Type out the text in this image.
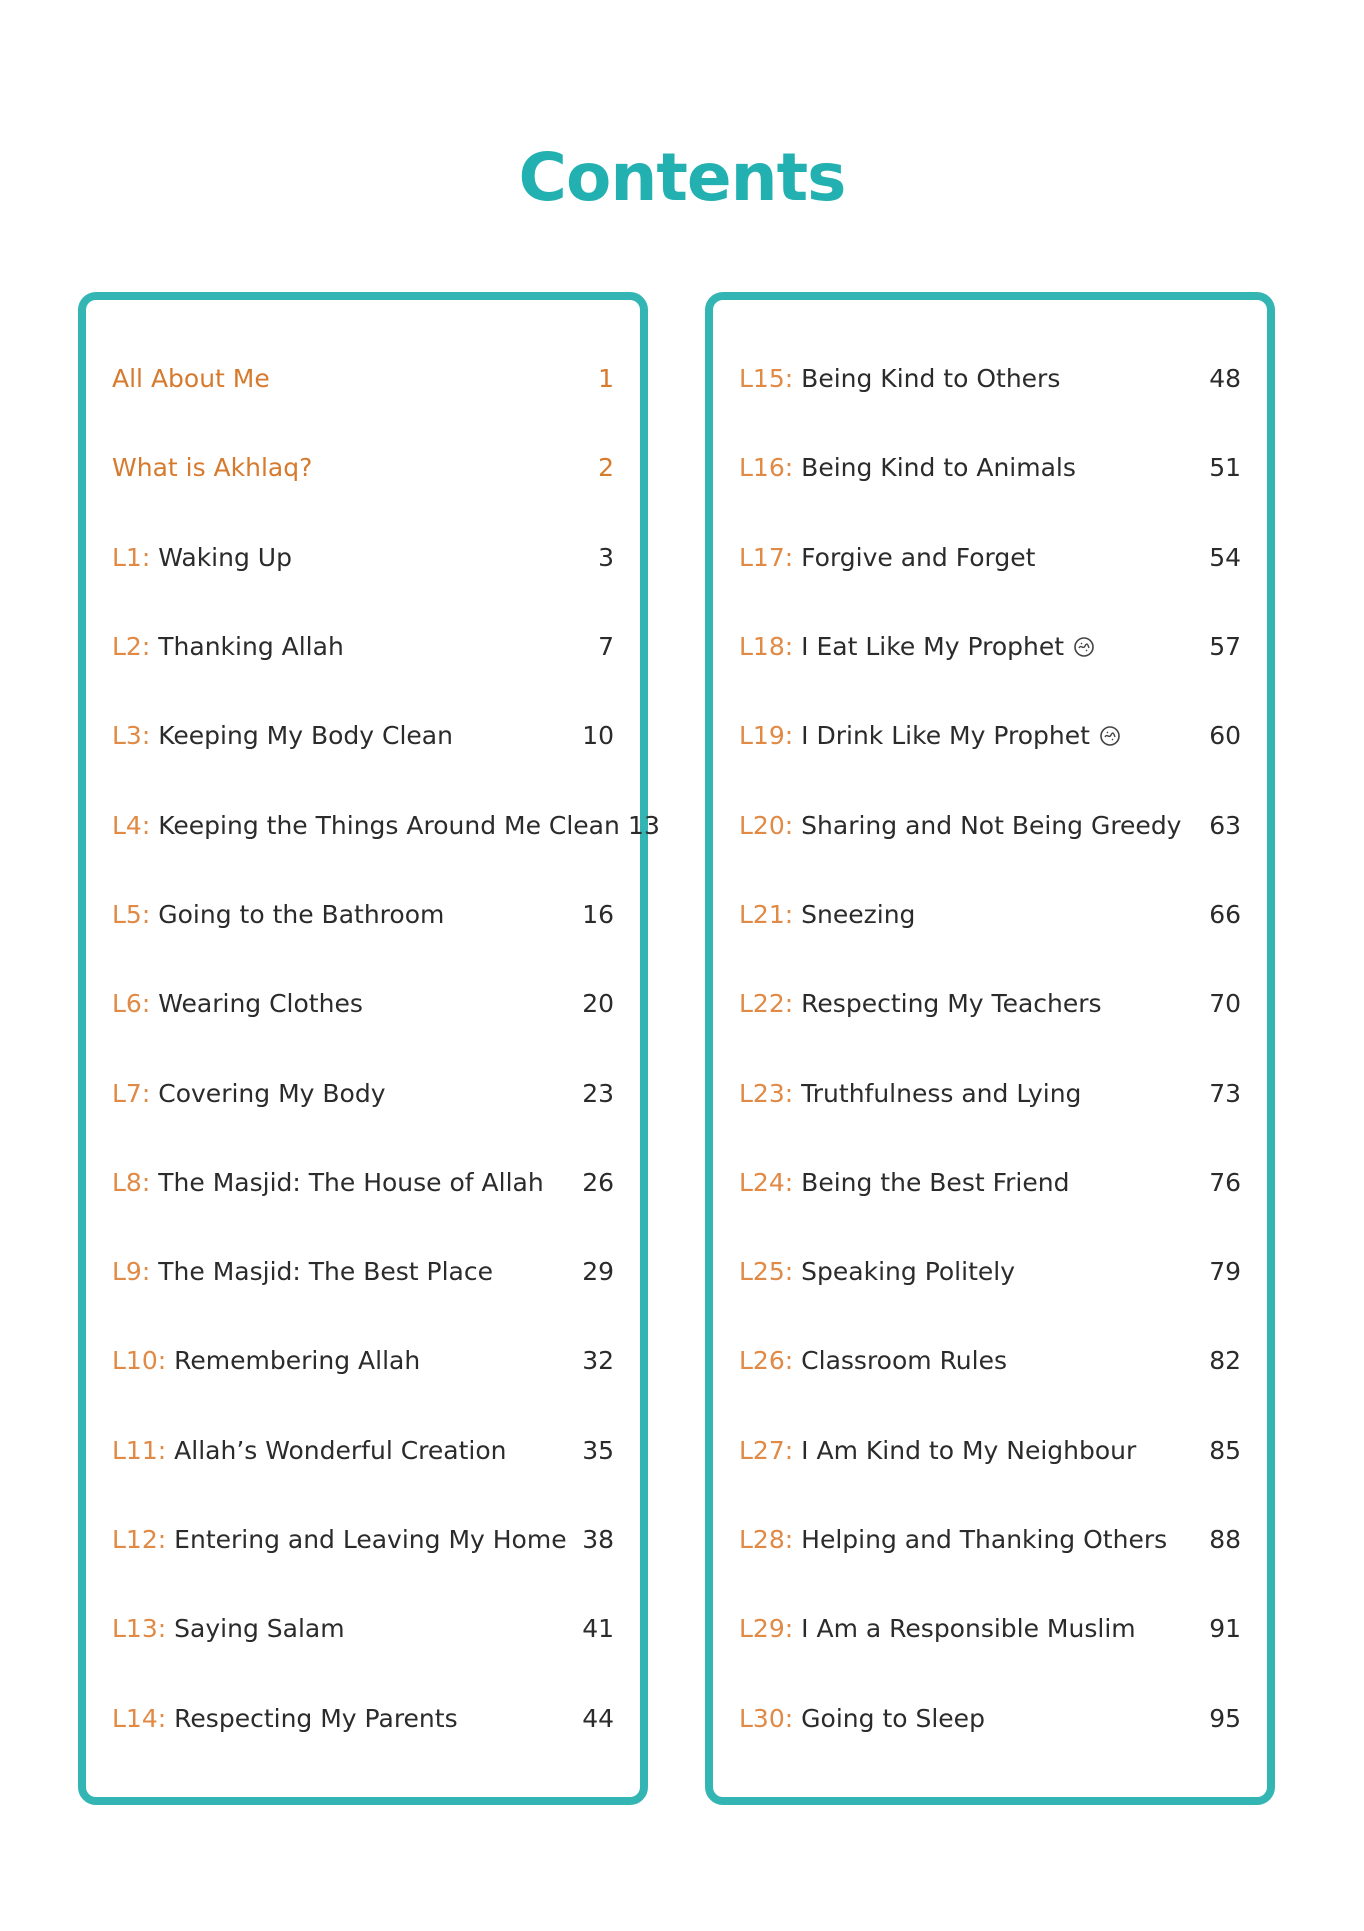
Contents
All About Me	1
What is Akhlaq?	2
L1: Waking Up	3
L2: Thanking Allah	7
L3: Keeping My Body Clean	10
L4: Keeping the Things Around Me Clean 13
L5: Going to the Bathroom	16
L6: Wearing Clothes	20
L7: Covering My Body	23
L8: The Masjid: The House of Allah	26
L9: The Masjid: The Best Place	29
L10: Remembering Allah	32
L11: Allah’s Wonderful Creation	35
L12: Entering and Leaving My Home 38
L13: Saying Salam	41
L14: Respecting My Parents	44
L15: Being Kind to Others	48
L16: Being Kind to Animals	51
L17: Forgive and Forget	54
L18: I Eat Like My Prophet	57
L19: I Drink Like My Prophet	60
L20: Sharing and Not Being Greedy	63
L21: Sneezing	66
L22: Respecting My Teachers	70
L23: Truthfulness and Lying	73
L24: Being the Best Friend	76
L25: Speaking Politely	79
L26: Classroom Rules	82
L27: I Am Kind to My Neighbour	85
L28: Helping and Thanking Others	88
L29: I Am a Responsible Muslim	91
L30: Going to Sleep	95
